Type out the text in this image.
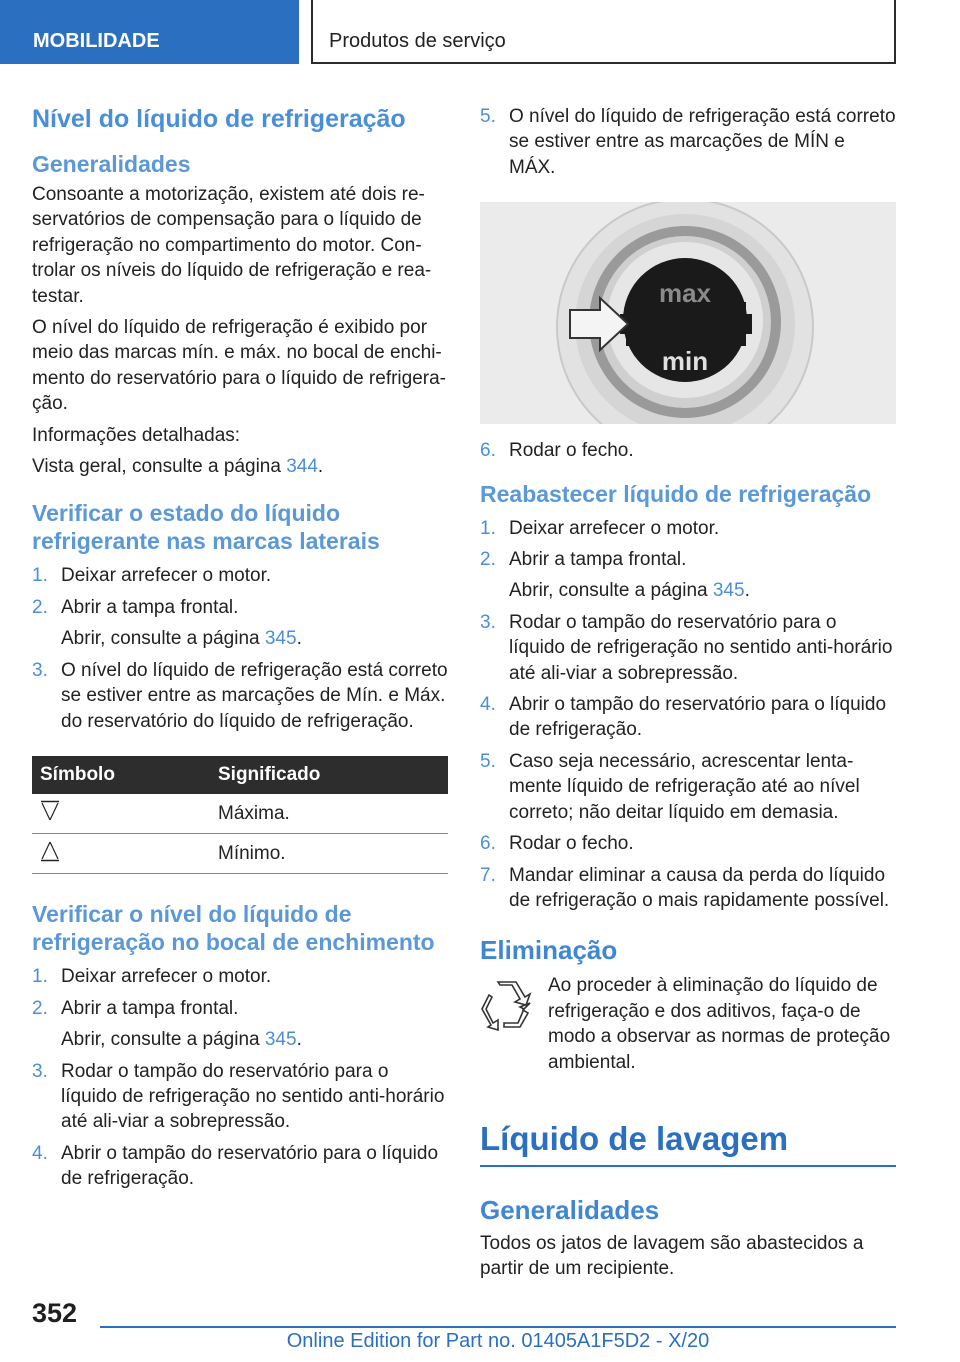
MOBILIDADE	Produtos de serviço
Nível do líquido de refrigeração
Generalidades

Consoante a motorização, existem até dois re-servatórios de compensação para o líquido de refrigeração no compartimento do motor. Con-trolar os níveis do líquido de refrigeração e rea-testar.

O nível do líquido de refrigeração é exibido por meio das marcas mín. e máx. no bocal de enchi-mento do reservatório para o líquido de refrigera-ção.

Informações detalhadas:

Vista geral, consulte a página 344.

Verificar o estado do líquido refrigerante nas marcas laterais
1. Deixar arrefecer o motor.
2. Abrir a tampa frontal.
Abrir, consulte a página 345.
3. O nível do líquido de refrigeração está correto se estiver entre as marcações de Mín. e Máx. do reservatório do líquido de refrigeração.
Símbolo	Significado
	Máxima.
	Mínimo.
Verificar o nível do líquido de refrigeração no bocal de enchimento
1. Deixar arrefecer o motor.
2. Abrir a tampa frontal.
Abrir, consulte a página 345.
3. Rodar o tampão do reservatório para o líquido de refrigeração no sentido anti-horário até ali-viar a sobrepressão.
4. Abrir o tampão do reservatório para o líquido de refrigeração.
5. O nível do líquido de refrigeração está correto se estiver entre as marcações de MÍN e MÁX.
max
min
6. Rodar o fecho.
Reabastecer líquido de refrigeração
1. Deixar arrefecer o motor.
2. Abrir a tampa frontal.
Abrir, consulte a página 345.
3. Rodar o tampão do reservatório para o líquido de refrigeração no sentido anti-horário até ali-viar a sobrepressão.
4. Abrir o tampão do reservatório para o líquido de refrigeração.
5. Caso seja necessário, acrescentar lenta-mente líquido de refrigeração até ao nível correto; não deitar líquido em demasia.
6. Rodar o fecho.
7. Mandar eliminar a causa da perda do líquido de refrigeração o mais rapidamente possível.
Eliminação
Ao proceder à eliminação do líquido de refrigeração e dos aditivos, faça-o de modo a observar as normas de proteção ambiental.
Líquido de lavagem
Generalidades

Todos os jatos de lavagem são abastecidos a partir de um recipiente.

352
Online Edition for Part no. 01405A1F5D2 - X/20
